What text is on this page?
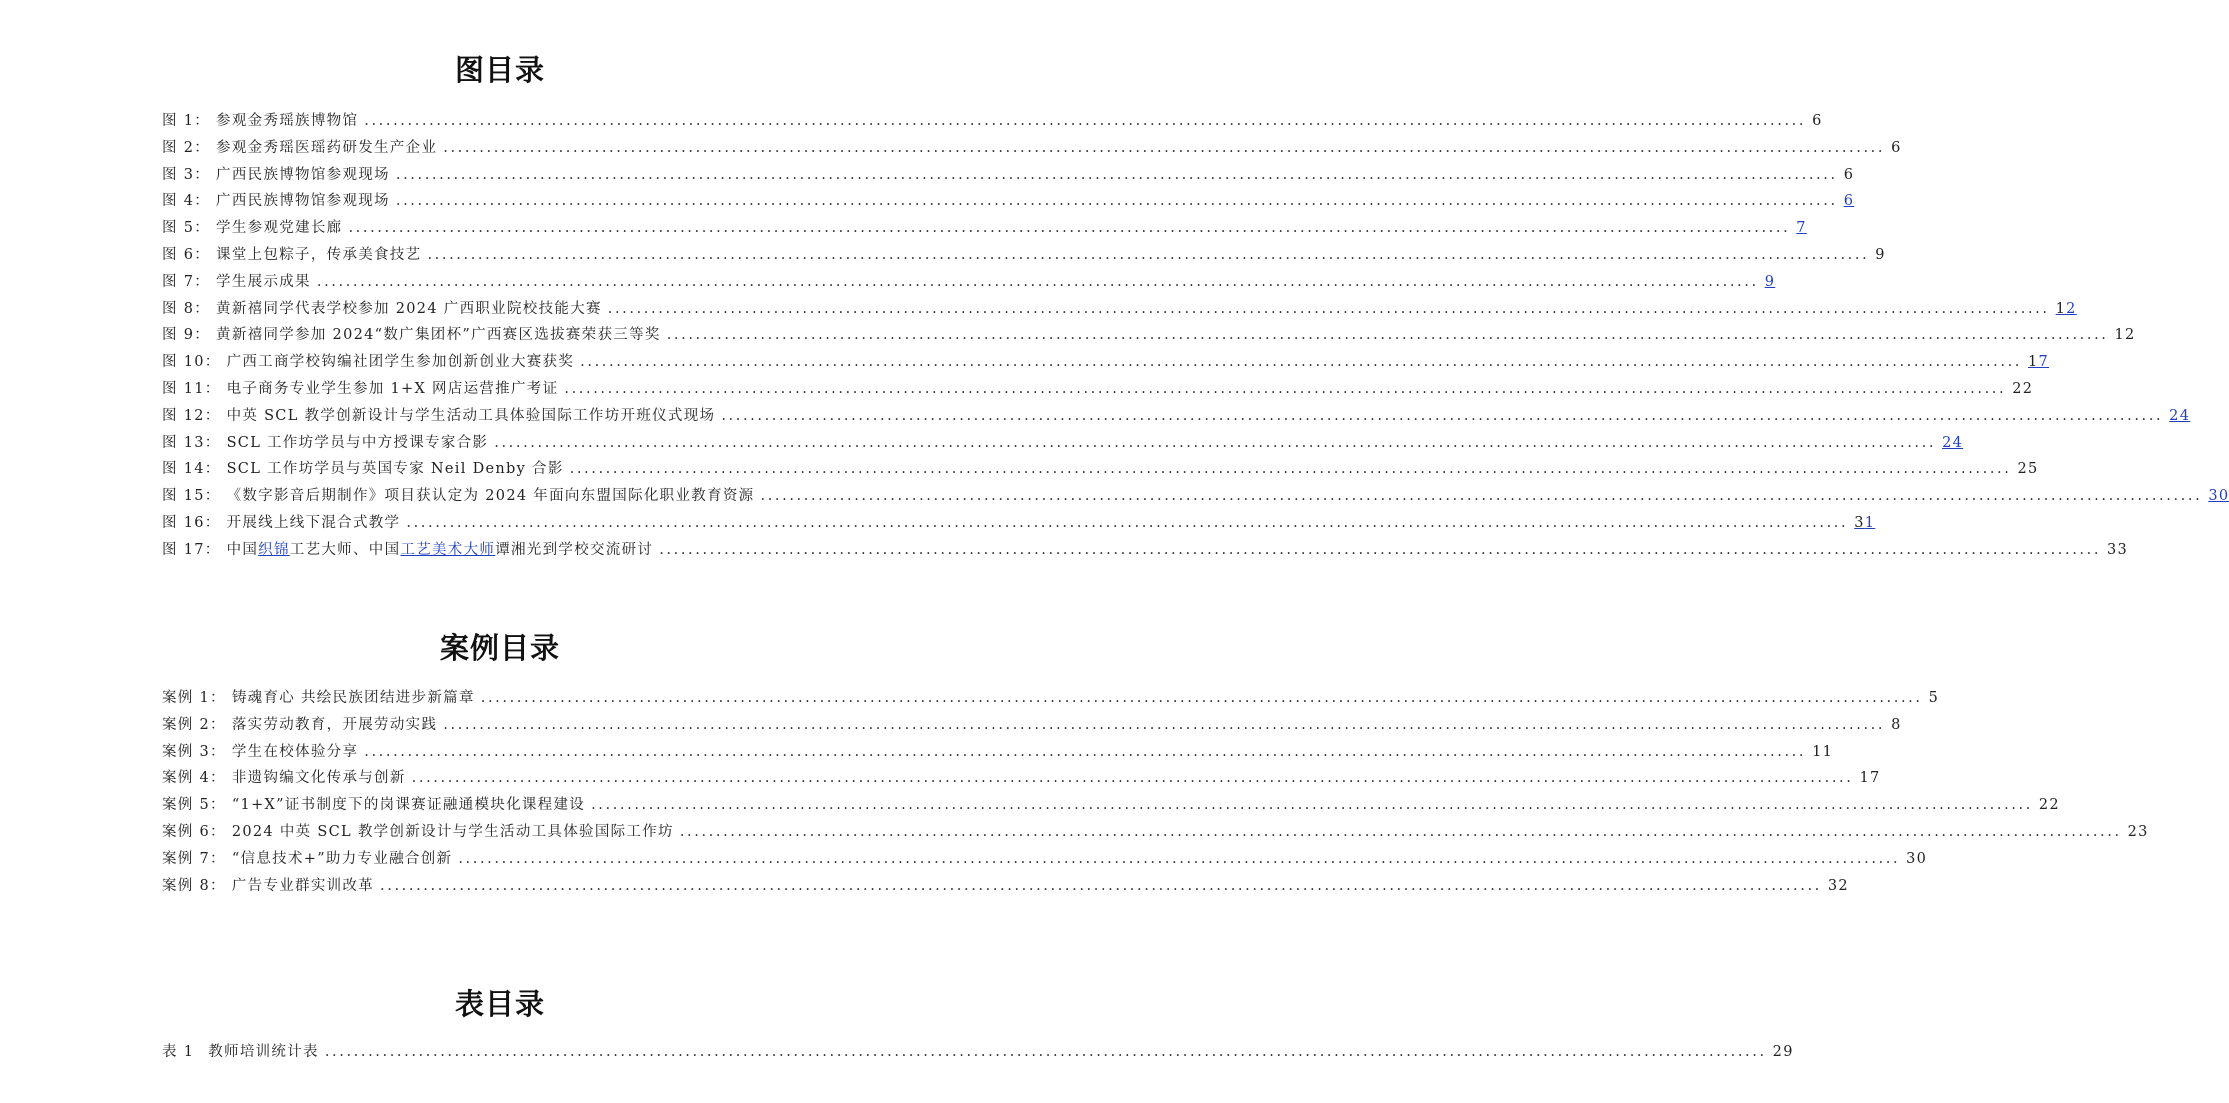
图目录
图 1： 参观金秀瑶族博物馆 .....	6
图 2： 参观金秀瑶医瑶药研发生产企业 .....	6
图 3： 广西民族博物馆参观现场 .....	6
图 4： 广西民族博物馆参观现场 .....	6
图 5： 学生参观党建长廊 .....	7
图 6： 课堂上包粽子，传承美食技艺 .....	9
图 7： 学生展示成果 .....	9
图 8： 黄新禧同学代表学校参加 2024 广西职业院校技能大赛 .....	12
图 9： 黄新禧同学参加 2024“数广集团杯”广西赛区选拔赛荣获三等奖 .....	12
图 10： 广西工商学校钩编社团学生参加创新创业大赛获奖 .....	17
图 11： 电子商务专业学生参加 1+X 网店运营推广考证 .....	22
图 12： 中英 SCL 教学创新设计与学生活动工具体验国际工作坊开班仪式现场 .....	24
图 13： SCL 工作坊学员与中方授课专家合影 .....	24
图 14： SCL 工作坊学员与英国专家 Neil Denby 合影 .....	25
图 15： 《数字影音后期制作》项目获认定为 2024 年面向东盟国际化职业教育资源 .....	30
图 16： 开展线上线下混合式教学 .....	31
图 17： 中国织锦工艺大师、中国工艺美术大师谭湘光到学校交流研讨 .....	33
案例目录
案例 1： 铸魂育心 共绘民族团结进步新篇章 .....	5
案例 2： 落实劳动教育，开展劳动实践 .....	8
案例 3： 学生在校体验分享 .....	11
案例 4： 非遗钩编文化传承与创新 .....	17
案例 5： “1+X”证书制度下的岗课赛证融通模块化课程建设 .....	22
案例 6： 2024 中英 SCL 教学创新设计与学生活动工具体验国际工作坊 .....	23
案例 7： “信息技术+”助力专业融合创新 .....	30
案例 8： 广告专业群实训改革 .....	32
表目录
表 1 教师培训统计表 .....	29
